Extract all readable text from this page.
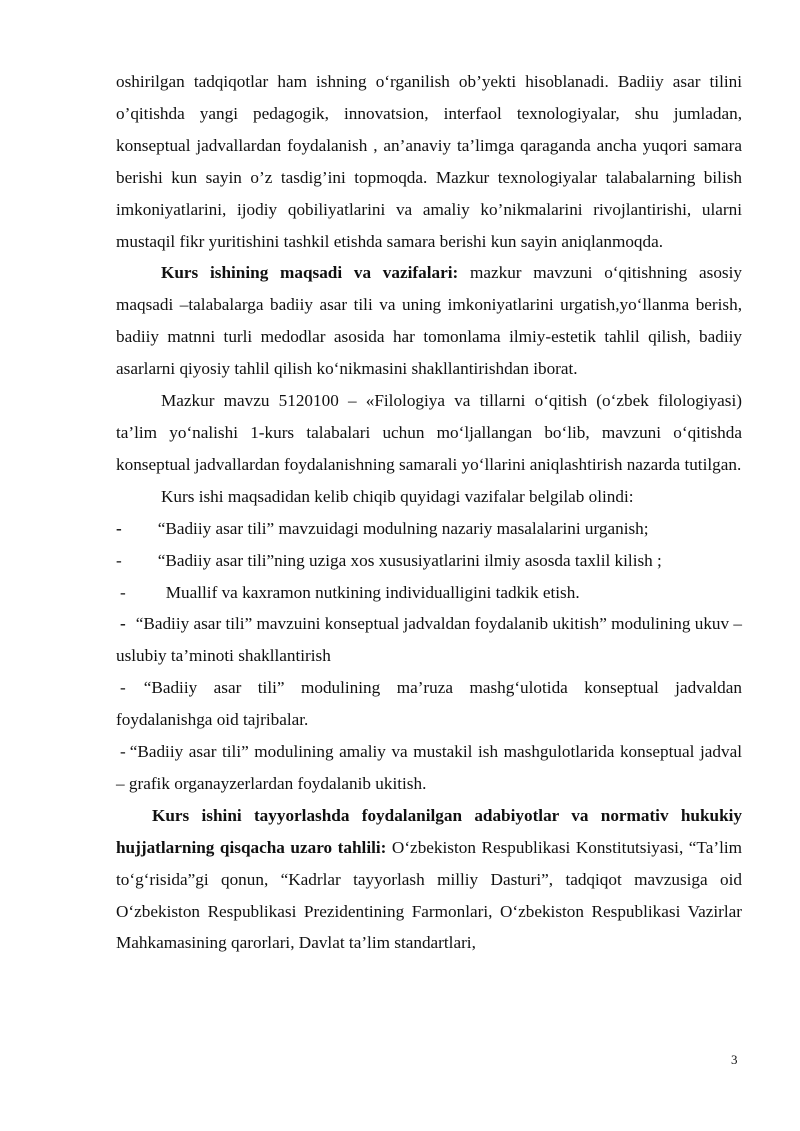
oshirilgan tadqiqotlar ham ishning o‘rganilish ob’yekti hisoblanadi. Badiiy asar tilini o’qitishda yangi pedagogik, innovatsion, interfaol texnologiyalar, shu jumladan, konseptual jadvallardan foydalanish , an’anaviy ta’limga qaraganda ancha yuqori samara berishi kun sayin o’z tasdig’ini topmoqda. Mazkur texnologiyalar talabalarning bilish imkoniyatlarini, ijodiy qobiliyatlarini va amaliy ko’nikmalarini rivojlantirishi, ularni mustaqil fikr yuritishini tashkil etishda samara berishi kun sayin aniqlanmoqda.

Kurs ishining maqsadi va vazifalari: mazkur mavzuni o‘qitishning asosiy maqsadi –talabalarga badiiy asar tili va uning imkoniyatlarini urgatish,yo‘llanma berish, badiiy matnni turli medodlar asosida har tomonlama ilmiy-estetik tahlil qilish, badiiy asarlarni qiyosiy tahlil qilish ko‘nikmasini shakllantirishdan iborat.

Mazkur mavzu 5120100 – «Filologiya va tillarni o‘qitish (o‘zbek filologiyasi) ta’lim yo‘nalishi 1-kurs talabalari uchun mo‘ljallangan bo‘lib, mavzuni o‘qitishda konseptual jadvallardan foydalanishning samarali yo‘llarini aniqlashtirish nazarda tutilgan.

Kurs ishi maqsadidan kelib chiqib quyidagi vazifalar belgilab olindi:

- “Badiiy asar tili” mavzuidagi modulning nazariy masalalarini urganish;

- “Badiiy asar tili”ning uziga xos xususiyatlarini ilmiy asosda taxlil kilish ;

- Muallif va kaxramon nutkining individualligini tadkik etish.

- “Badiiy asar tili” mavzuini konseptual jadvaldan foydalanib ukitish” modulining ukuv – uslubiy ta’minoti shakllantirish

- “Badiiy asar tili” modulining ma’ruza mashg‘ulotida konseptual jadvaldan foydalanishga oid tajribalar.

- “Badiiy asar tili” modulining amaliy va mustakil ish mashgulotlarida konseptual jadval – grafik organayzerlardan foydalanib ukitish.

Kurs ishini tayyorlashda foydalanilgan adabiyotlar va normativ hukukiy hujjatlarning qisqacha uzaro tahlili: O‘zbekiston Respublikasi Konstitutsiyasi, “Ta’lim to‘g‘risida”gi qonun, “Kadrlar tayyorlash milliy Dasturi”, tadqiqot mavzusiga oid O‘zbekiston Respublikasi Prezidentining Farmonlari, O‘zbekiston Respublikasi Vazirlar Mahkamasining qarorlari, Davlat ta’lim standartlari,

3
